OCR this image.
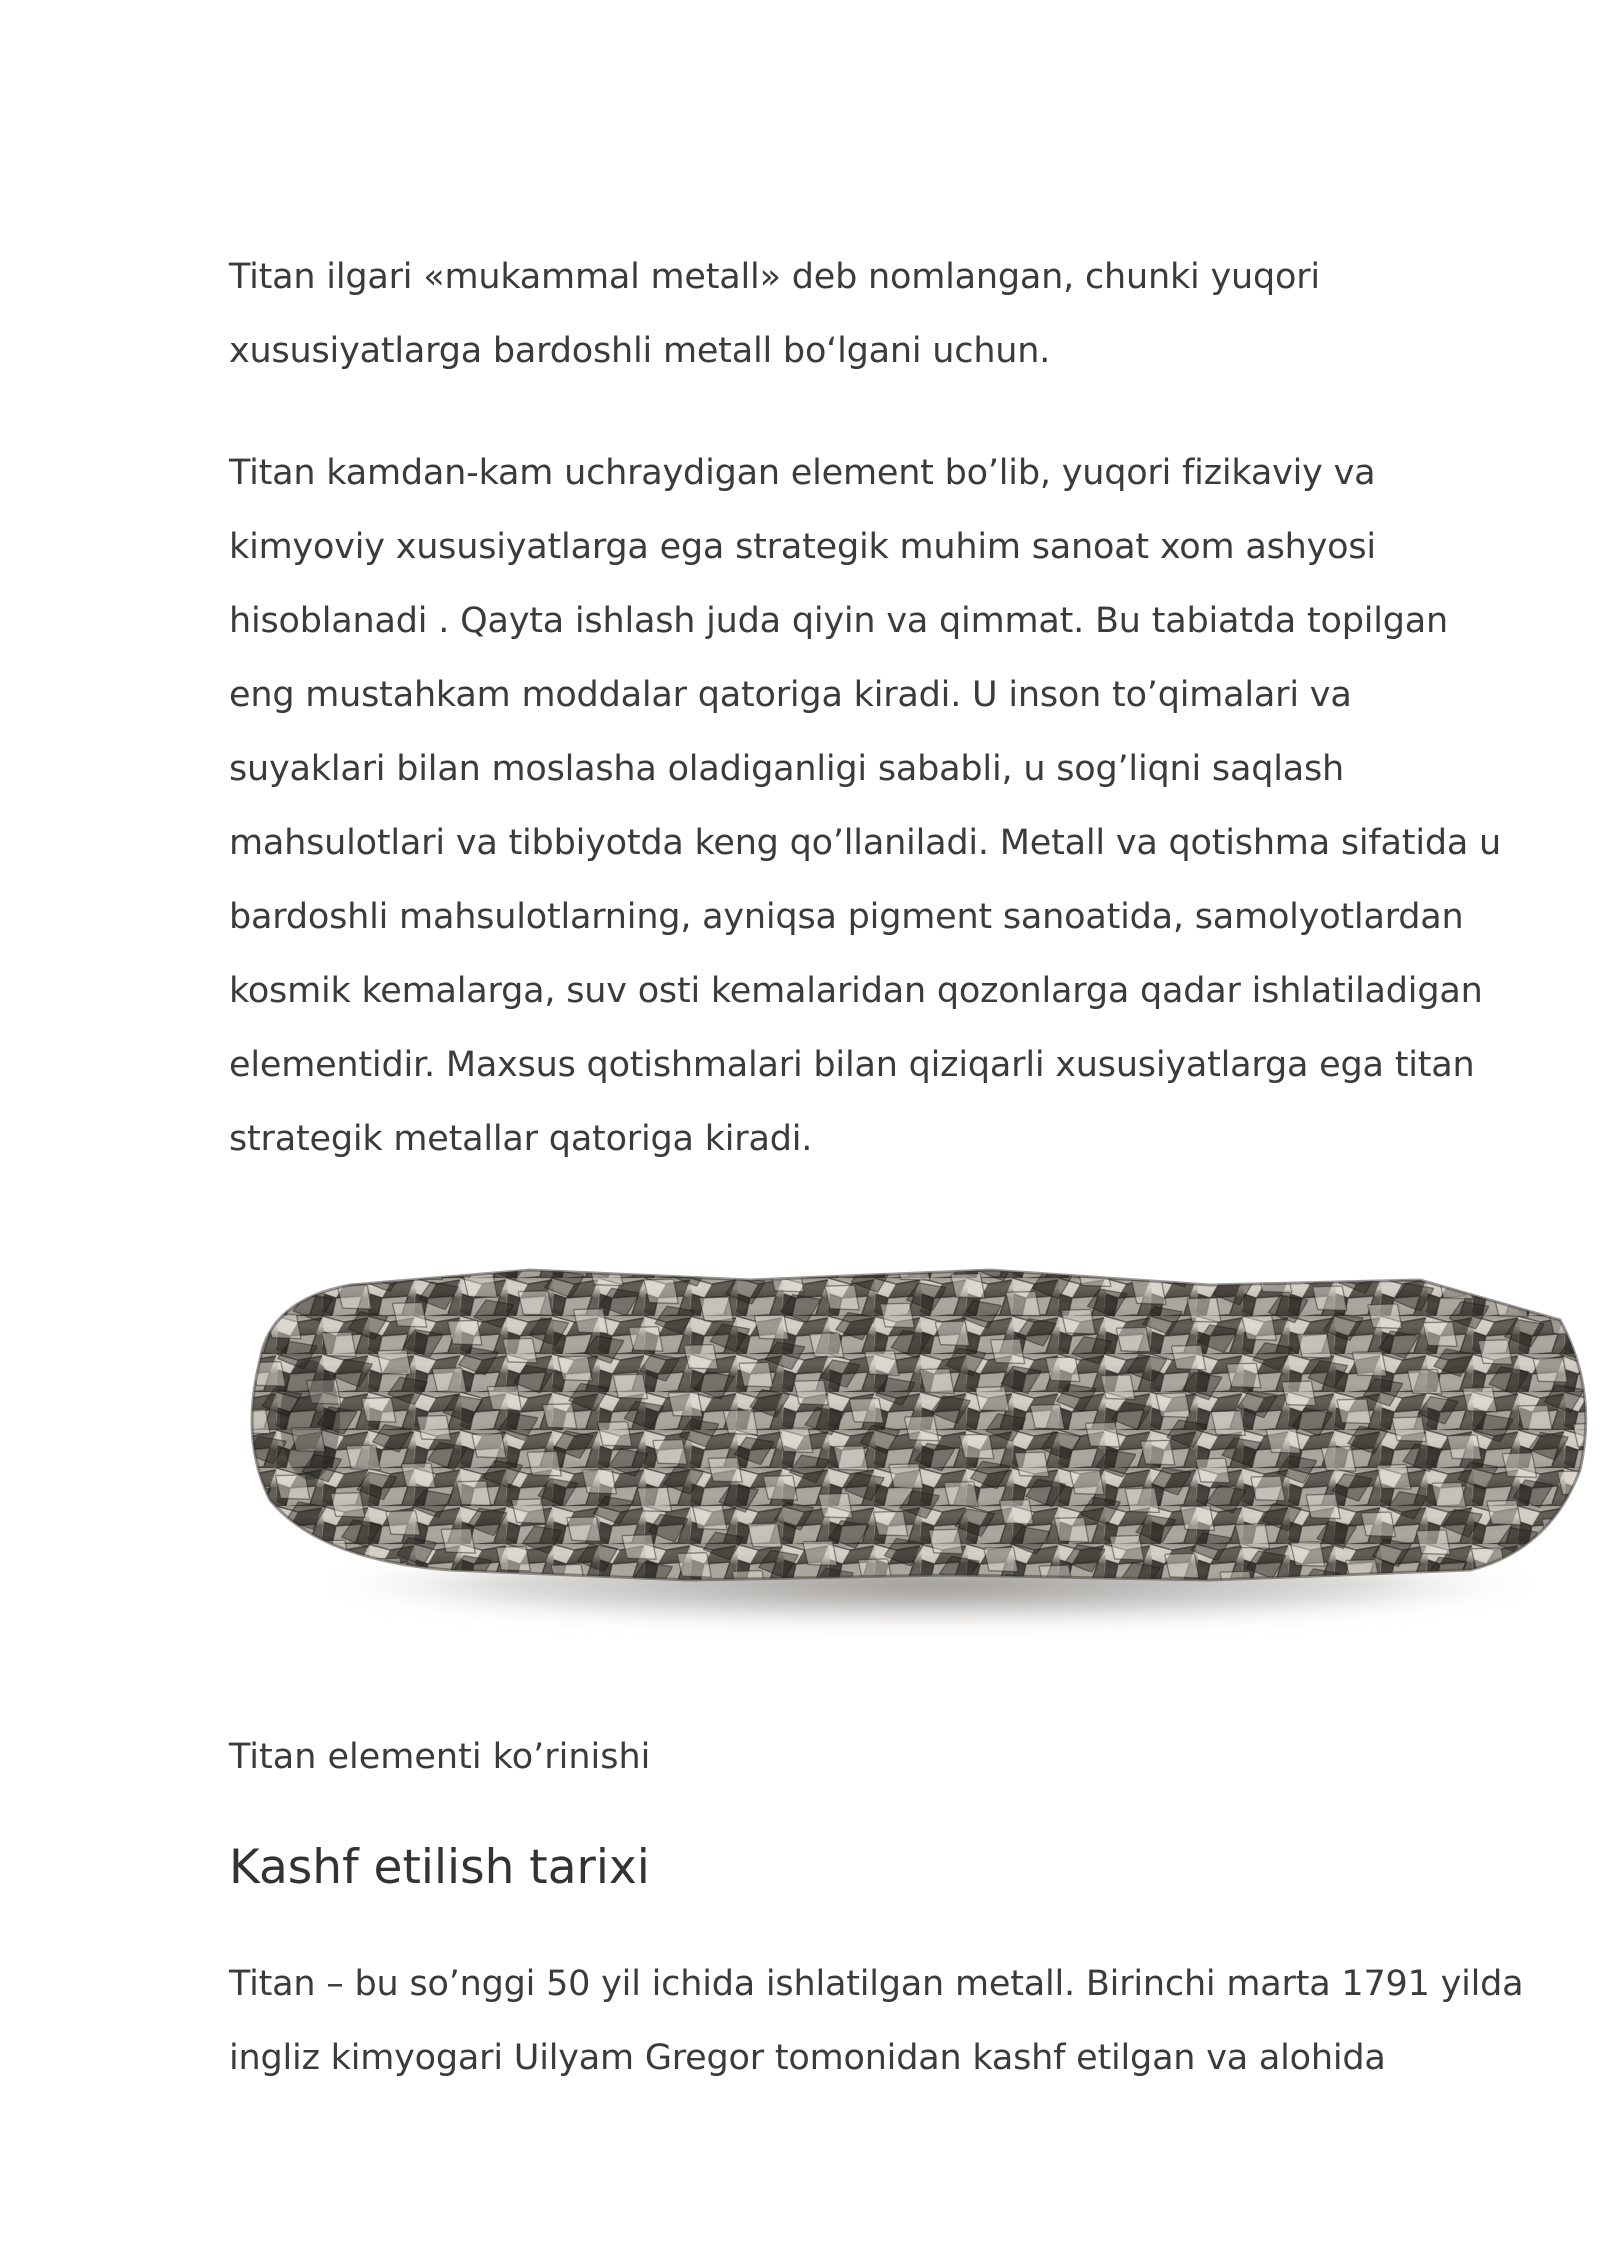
Titan ilgari «mukammal metall» deb nomlangan, chunki yuqori
xususiyatlarga bardoshli metall bo‘lgani uchun.

Titan kamdan-kam uchraydigan element bo’lib, yuqori fizikaviy va
kimyoviy xususiyatlarga ega strategik muhim sanoat xom ashyosi
hisoblanadi . Qayta ishlash juda qiyin va qimmat. Bu tabiatda topilgan
eng mustahkam moddalar qatoriga kiradi. U inson to’qimalari va
suyaklari bilan moslasha oladiganligi sababli, u sog’liqni saqlash
mahsulotlari va tibbiyotda keng qo’llaniladi. Metall va qotishma sifatida u
bardoshli mahsulotlarning, ayniqsa pigment sanoatida, samolyotlardan
kosmik kemalarga, suv osti kemalaridan qozonlarga qadar ishlatiladigan
elementidir. Maxsus qotishmalari bilan qiziqarli xususiyatlarga ega titan
strategik metallar qatoriga kiradi.

Titan elementi ko’rinishi

Kashf etilish tarixi

Titan – bu so’nggi 50 yil ichida ishlatilgan metall. Birinchi marta 1791 yilda
ingliz kimyogari Uilyam Gregor tomonidan kashf etilgan va alohida
